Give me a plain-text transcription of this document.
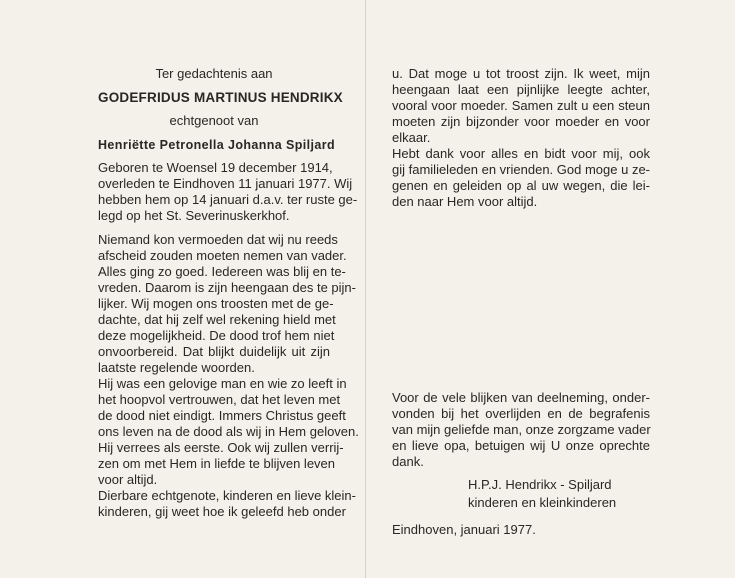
Ter gedachtenis aan
GODEFRIDUS MARTINUS HENDRIKX
echtgenoot van
Henriëtte Petronella Johanna Spiljard
Geboren te Woensel 19 december 1914,
overleden te Eindhoven 11 januari 1977. Wij
hebben hem op 14 januari d.a.v. ter ruste ge-
legd op het St. Severinuskerkhof.
Niemand kon vermoeden dat wij nu reeds
afscheid zouden moeten nemen van vader.
Alles ging zo goed. Iedereen was blij en te-
vreden. Daarom is zijn heengaan des te pijn-
lijker. Wij mogen ons troosten met de ge-
dachte, dat hij zelf wel rekening hield met
deze mogelijkheid. De dood trof hem niet
onvoorbereid. Dat blijkt duidelijk uit zijn
laatste regelende woorden.
Hij was een gelovige man en wie zo leeft in
het hoopvol vertrouwen, dat het leven met
de dood niet eindigt. Immers Christus geeft
ons leven na de dood als wij in Hem geloven.
Hij verrees als eerste. Ook wij zullen verrij-
zen om met Hem in liefde te blijven leven
voor altijd.
Dierbare echtgenote, kinderen en lieve klein-
kinderen, gij weet hoe ik geleefd heb onder
u. Dat moge u tot troost zijn. Ik weet, mijn
heengaan laat een pijnlijke leegte achter,
vooral voor moeder. Samen zult u een steun
moeten zijn bijzonder voor moeder en voor
elkaar.
Hebt dank voor alles en bidt voor mij, ook
gij familieleden en vrienden. God moge u ze-
genen en geleiden op al uw wegen, die lei-
den naar Hem voor altijd.
Voor de vele blijken van deelneming, onder-
vonden bij het overlijden en de begrafenis
van mijn geliefde man, onze zorgzame vader
en lieve opa, betuigen wij U onze oprechte
dank.
H.P.J. Hendrikx - Spiljard
kinderen en kleinkinderen
Eindhoven, januari 1977.
